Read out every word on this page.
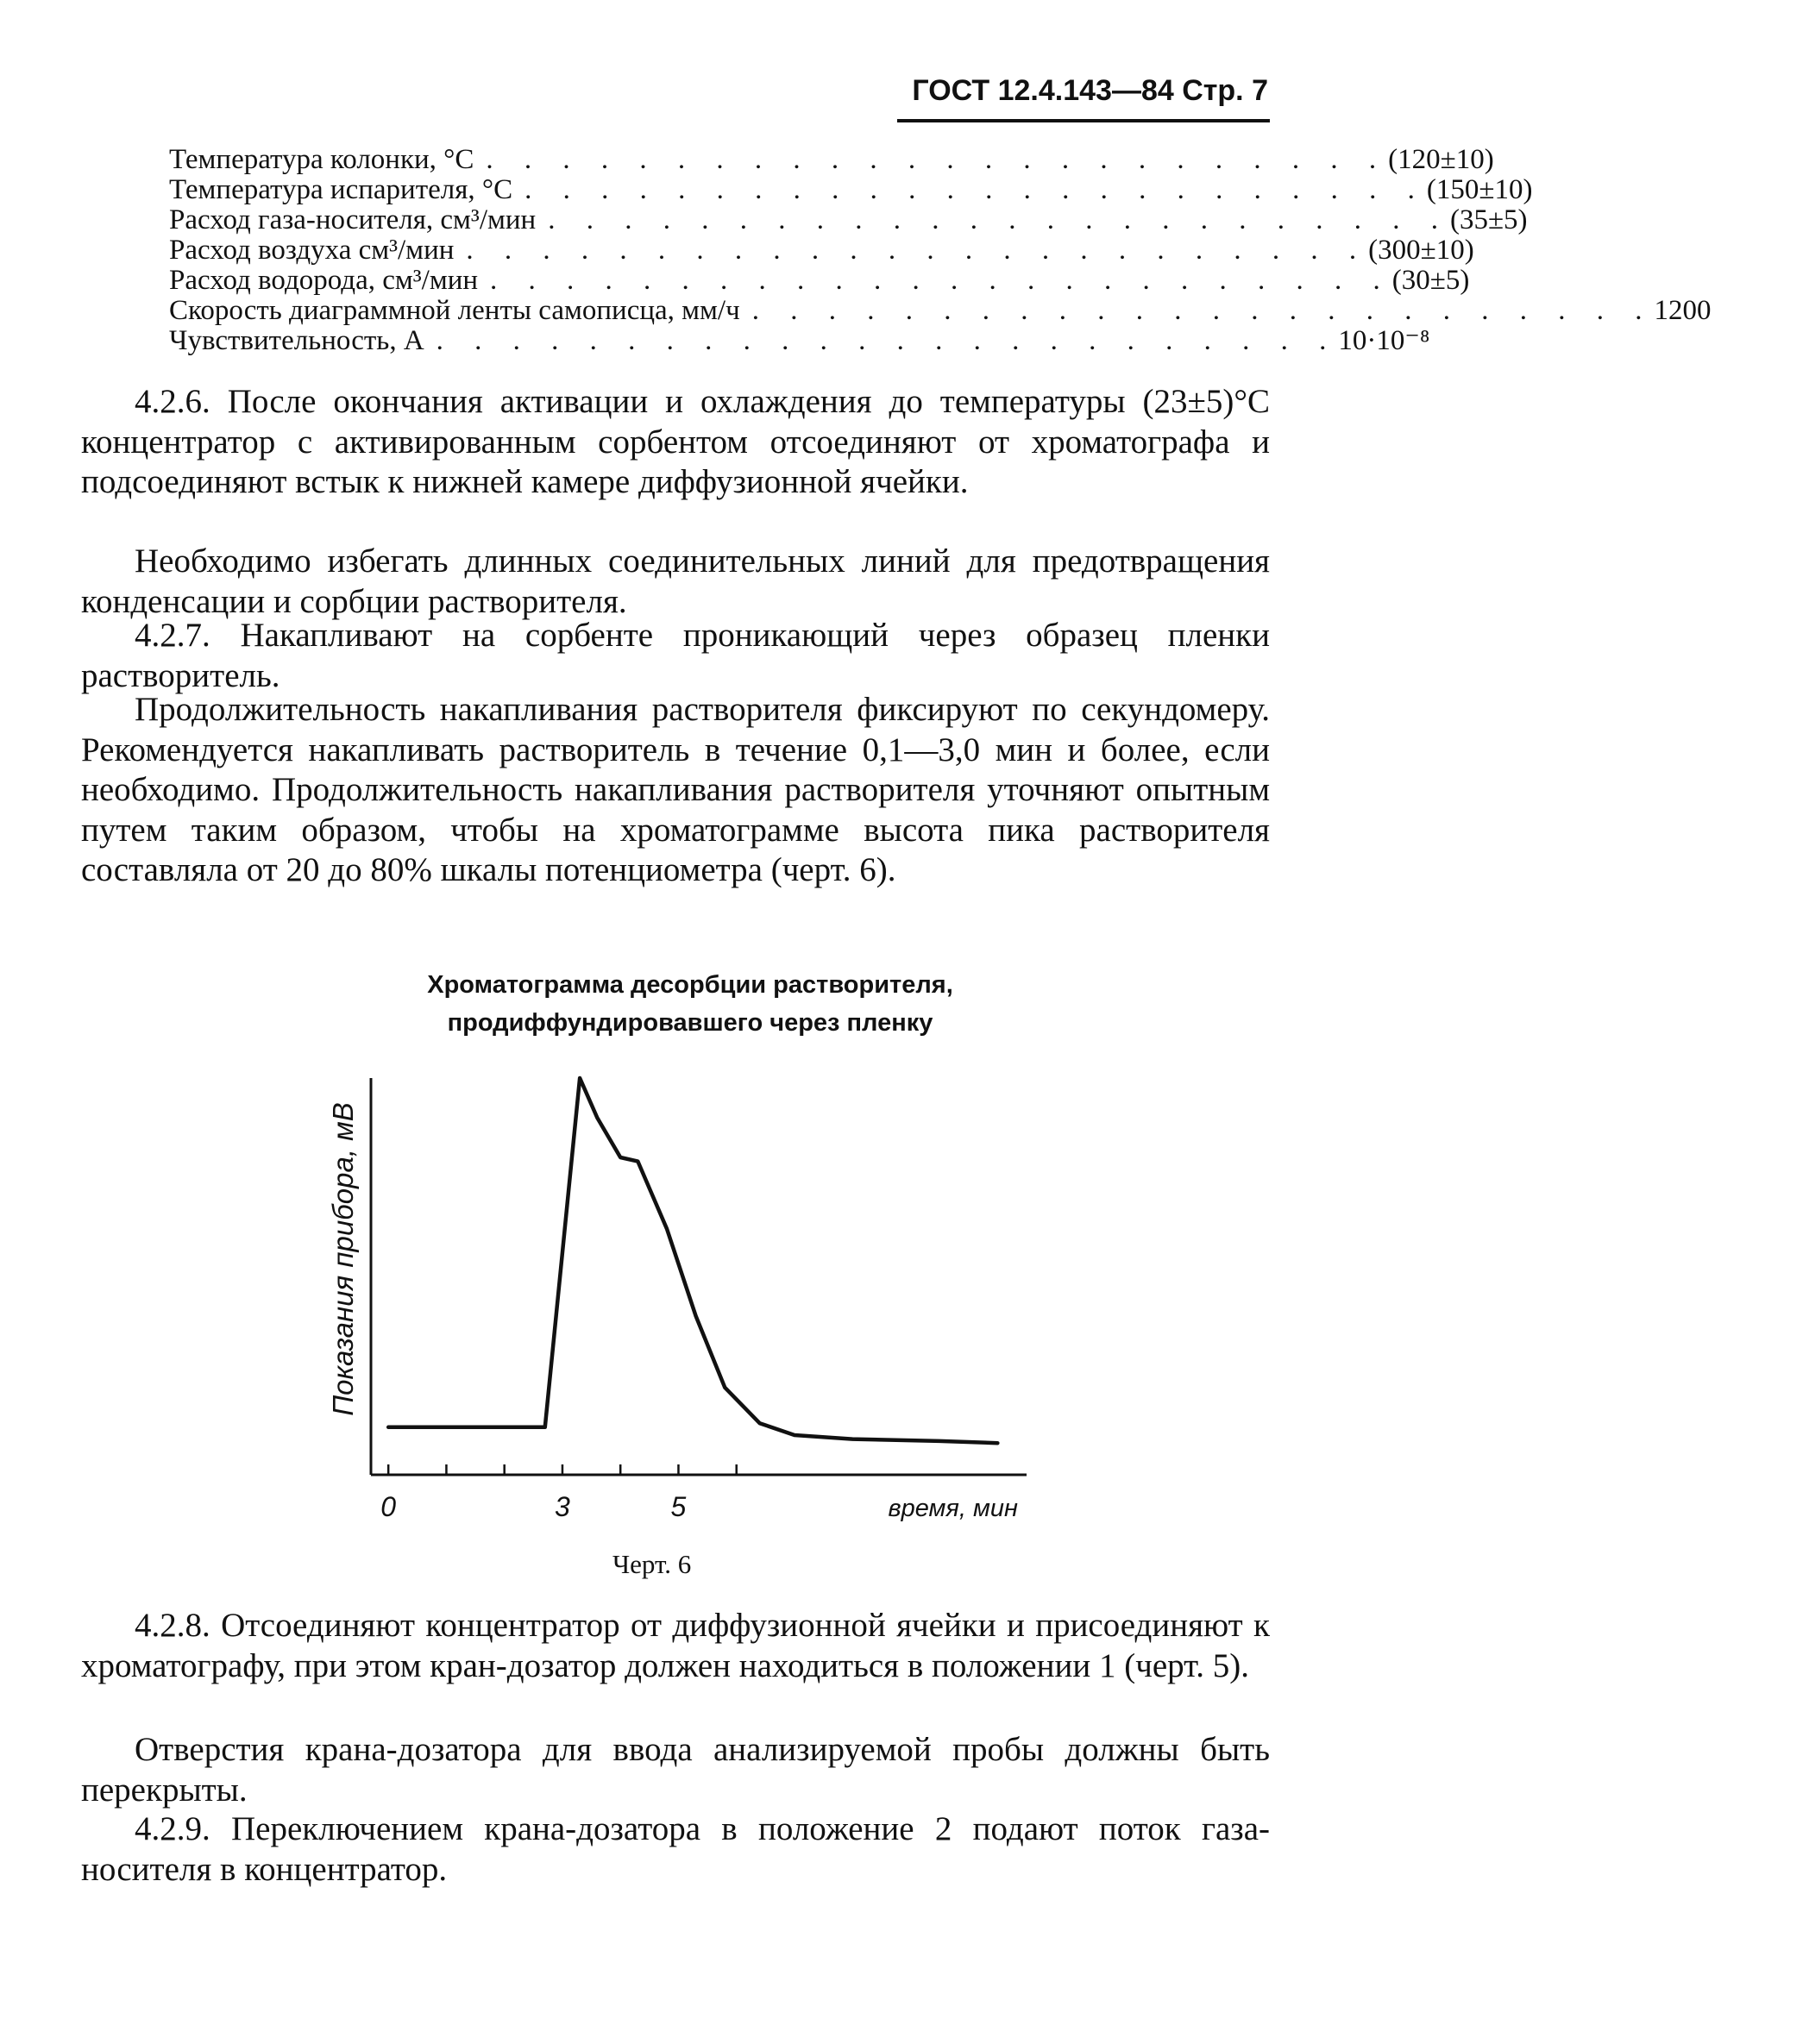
ГОСТ 12.4.143—84 Стр. 7
Температура колонки, °С . . . . . . . . . . . . . . . . . . . . . . . . (120±10)
Температура испарителя, °С . . . . . . . . . . . . . . . . . . . . . . . . (150±10)
Расход газа-носителя, см³/мин . . . . . . . . . . . . . . . . . . . . . . . . (35±5)
Расход воздуха см³/мин . . . . . . . . . . . . . . . . . . . . . . . . (300±10)
Расход водорода, см³/мин . . . . . . . . . . . . . . . . . . . . . . . . (30±5)
Скорость диаграммной ленты самописца, мм/ч . . . . . . . . . . . . . . . . . . . . . . . . 1200
Чувствительность, А . . . . . . . . . . . . . . . . . . . . . . . . 10·10⁻⁸

4.2.6. После окончания активации и охлаждения до температуры (23±5)°С концентратор с активированным сорбентом отсоединяют от хроматографа и подсоединяют встык к нижней камере диффузионной ячейки.

Необходимо избегать длинных соединительных линий для предотвращения конденсации и сорбции растворителя.

4.2.7. Накапливают на сорбенте проникающий через образец пленки растворитель.

Продолжительность накапливания растворителя фиксируют по секундомеру. Рекомендуется накапливать растворитель в течение 0,1—3,0 мин и более, если необходимо. Продолжительность накапливания растворителя уточняют опытным путем таким образом, чтобы на хроматограмме высота пика растворителя составляла от 20 до 80% шкалы потенциометра (черт. 6).

Хроматограмма десорбции растворителя,
продиффундировавшего через пленку
Показания прибора, мВ
0	3	5	время, мин
Черт. 6

4.2.8. Отсоединяют концентратор от диффузионной ячейки и присоединяют к хроматографу, при этом кран-дозатор должен находиться в положении 1 (черт. 5).

Отверстия крана-дозатора для ввода анализируемой пробы должны быть перекрыты.

4.2.9. Переключением крана-дозатора в положение 2 подают поток газа-носителя в концентратор.
